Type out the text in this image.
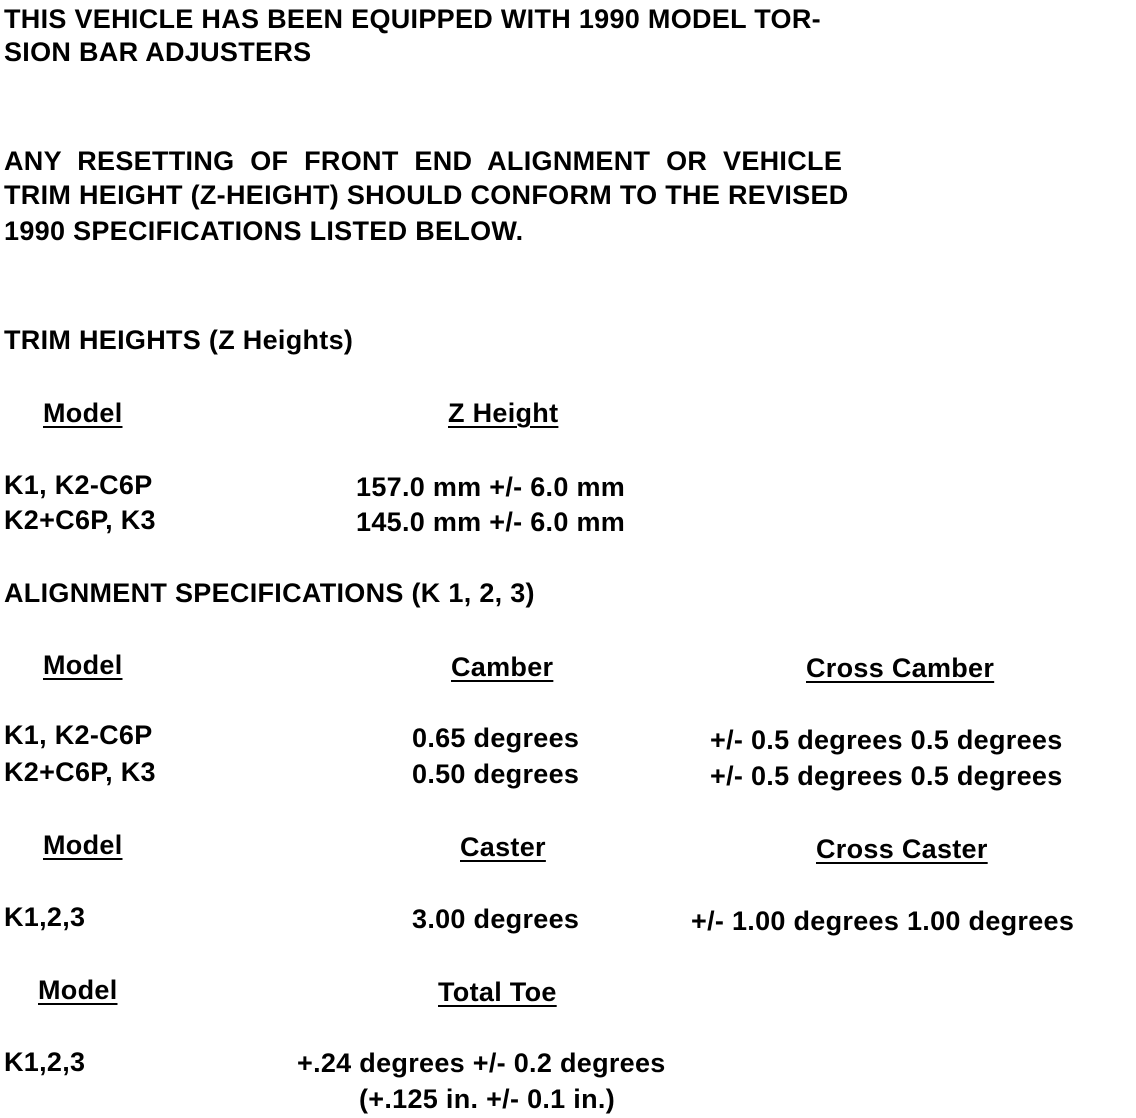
THIS VEHICLE HAS BEEN EQUIPPED WITH 1990 MODEL TOR-
SION BAR ADJUSTERS
ANY RESETTING OF FRONT END ALIGNMENT OR VEHICLE
TRIM HEIGHT (Z-HEIGHT) SHOULD CONFORM TO THE REVISED
1990 SPECIFICATIONS LISTED BELOW.
TRIM HEIGHTS (Z Heights)
Model	Z Height
K1, K2-C6P	157.0 mm +/- 6.0 mm
K2+C6P, K3	145.0 mm +/- 6.0 mm
ALIGNMENT SPECIFICATIONS (K 1, 2, 3)
Model	Camber	Cross Camber
K1, K2-C6P	0.65 degrees	+/- 0.5 degrees 0.5 degrees
K2+C6P, K3	0.50 degrees	+/- 0.5 degrees 0.5 degrees
Model	Caster	Cross Caster
K1,2,3	3.00 degrees	+/- 1.00 degrees 1.00 degrees
Model	Total Toe
K1,2,3	+.24 degrees +/- 0.2 degrees
(+.125 in. +/- 0.1 in.)
